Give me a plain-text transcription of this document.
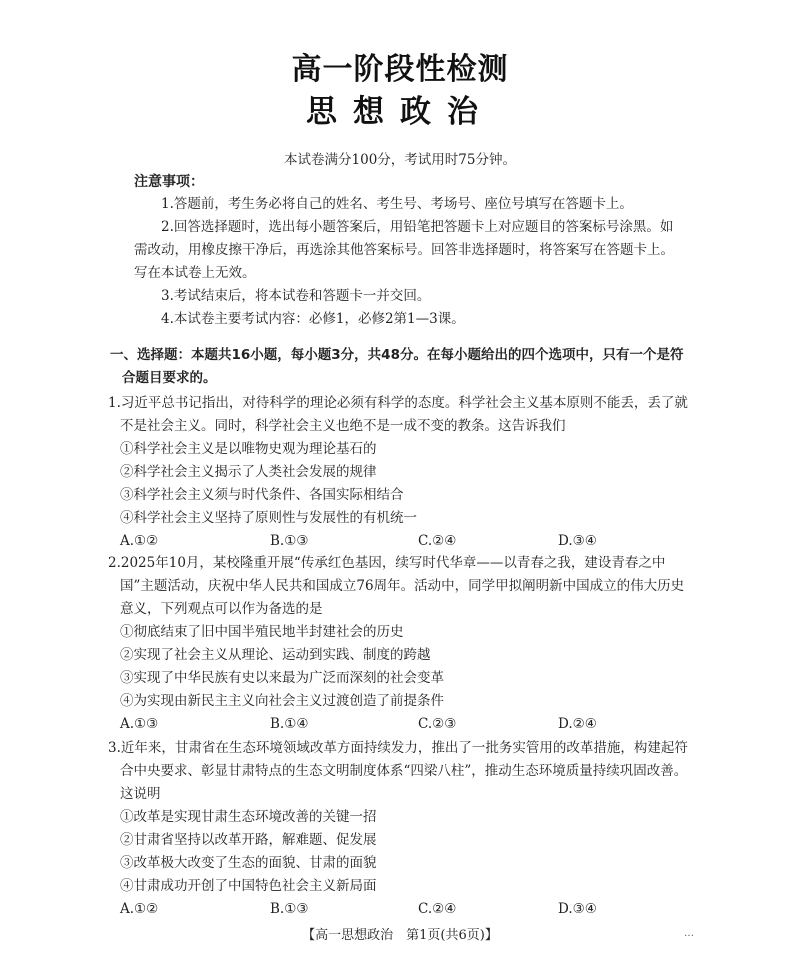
高一阶段性检测
思想政治
本试卷满分100分，考试用时75分钟。
注意事项：
1.答题前，考生务必将自己的姓名、考生号、考场号、座位号填写在答题卡上。
2.回答选择题时，选出每小题答案后，用铅笔把答题卡上对应题目的答案标号涂黑。如需改动，用橡皮擦干净后，再选涂其他答案标号。回答非选择题时，将答案写在答题卡上。写在本试卷上无效。
3.考试结束后，将本试卷和答题卡一并交回。
4.本试卷主要考试内容：必修1，必修2第1—3课。
一、选择题：本题共16小题，每小题3分，共48分。在每小题给出的四个选项中，只有一个是符合题目要求的。
1.习近平总书记指出，对待科学的理论必须有科学的态度。科学社会主义基本原则不能丢，丢了就不是社会主义。同时，科学社会主义也绝不是一成不变的教条。这告诉我们
①科学社会主义是以唯物史观为理论基石的
②科学社会主义揭示了人类社会发展的规律
③科学社会主义须与时代条件、各国实际相结合
④科学社会主义坚持了原则性与发展性的有机统一
A.①②	B.①③	C.②④	D.③④
2.2025年10月，某校隆重开展“传承红色基因，续写时代华章——以青春之我，建设青春之中国”主题活动，庆祝中华人民共和国成立76周年。活动中，同学甲拟阐明新中国成立的伟大历史意义，下列观点可以作为备选的是
①彻底结束了旧中国半殖民地半封建社会的历史
②实现了社会主义从理论、运动到实践、制度的跨越
③实现了中华民族有史以来最为广泛而深刻的社会变革
④为实现由新民主主义向社会主义过渡创造了前提条件
A.①③	B.①④	C.②③	D.②④
3.近年来，甘肃省在生态环境领域改革方面持续发力，推出了一批务实管用的改革措施，构建起符合中央要求、彰显甘肃特点的生态文明制度体系“四梁八柱”，推动生态环境质量持续巩固改善。这说明
①改革是实现甘肃生态环境改善的关键一招
②甘肃省坚持以改革开路，解难题、促发展
③改革极大改变了生态的面貌、甘肃的面貌
④甘肃成功开创了中国特色社会主义新局面
A.①②	B.①③	C.②④	D.③④
【高一思想政治　第1页(共6页)】	…
